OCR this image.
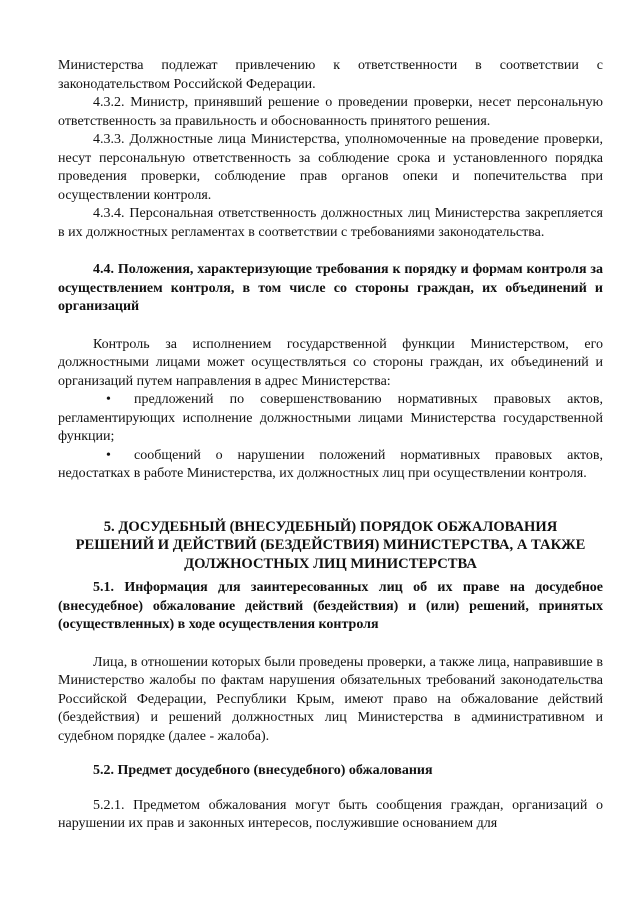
Министерства подлежат привлечению к ответственности в соответствии с законодательством Российской Федерации.

4.3.2. Министр, принявший решение о проведении проверки, несет персональную ответственность за правильность и обоснованность принятого решения.

4.3.3. Должностные лица Министерства, уполномоченные на проведение проверки, несут персональную ответственность за соблюдение срока и установленного порядка проведения проверки, соблюдение прав органов опеки и попечительства при осуществлении контроля.

4.3.4. Персональная ответственность должностных лиц Министерства закрепляется в их должностных регламентах в соответствии с требованиями законодательства.

4.4. Положения, характеризующие требования к порядку и формам контроля за осуществлением контроля, в том числе со стороны граждан, их объединений и организаций

Контроль за исполнением государственной функции Министерством, его должностными лицами может осуществляться со стороны граждан, их объединений и организаций путем направления в адрес Министерства:

• предложений по совершенствованию нормативных правовых актов, регламентирующих исполнение должностными лицами Министерства государственной функции;

• сообщений о нарушении положений нормативных правовых актов, недостатках в работе Министерства, их должностных лиц при осуществлении контроля.

5. ДОСУДЕБНЫЙ (ВНЕСУДЕБНЫЙ) ПОРЯДОК ОБЖАЛОВАНИЯ

РЕШЕНИЙ И ДЕЙСТВИЙ (БЕЗДЕЙСТВИЯ) МИНИСТЕРСТВА, А ТАКЖЕ

ДОЛЖНОСТНЫХ ЛИЦ МИНИСТЕРСТВА

5.1. Информация для заинтересованных лиц об их праве на досудебное (внесудебное) обжалование действий (бездействия) и (или) решений, принятых (осуществленных) в ходе осуществления контроля

Лица, в отношении которых были проведены проверки, а также лица, направившие в Министерство жалобы по фактам нарушения обязательных требований законодательства Российской Федерации, Республики Крым, имеют право на обжалование действий (бездействия) и решений должностных лиц Министерства в административном и судебном порядке (далее - жалоба).

5.2. Предмет досудебного (внесудебного) обжалования

5.2.1. Предметом обжалования могут быть сообщения граждан, организаций о нарушении их прав и законных интересов, послужившие основанием для
